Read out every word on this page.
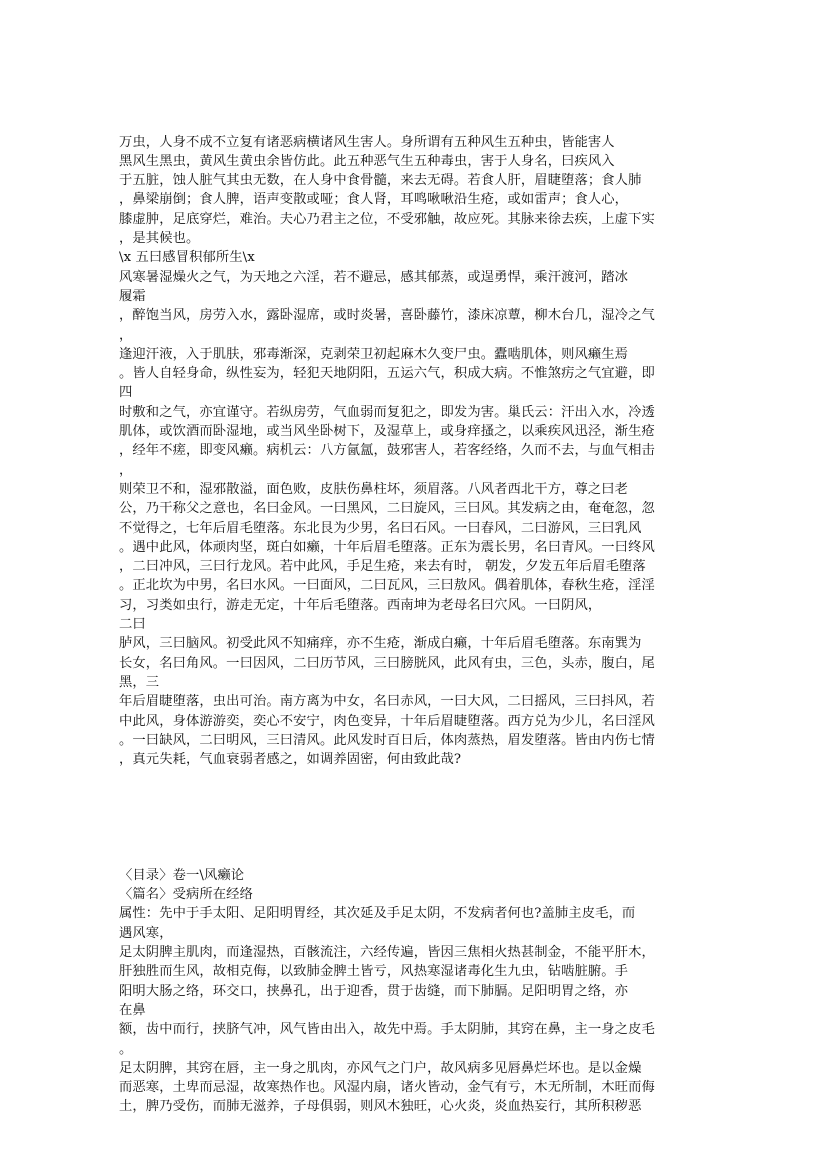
万虫，人身不成不立复有诸恶病横诸风生害人。身所谓有五种风生五种虫，皆能害人
黑风生黑虫，黄风生黄虫余皆仿此。此五种恶气生五种毒虫，害于人身名，曰疾风入
于五脏，蚀人脏气其虫无数，在人身中食骨髓，来去无碍。若食人肝，眉睫堕落；食人肺
，鼻梁崩倒；食人脾，语声变散或哑；食人肾，耳鸣啾啾沿生疮，或如雷声；食人心，
膝虚肿，足底穿烂，难治。夫心乃君主之位，不受邪触，故应死。其脉来徐去疾，上虚下实
，是其候也。
\x 五曰感冒积郁所生\x
风寒暑湿燥火之气，为天地之六淫，若不避忌，感其郁蒸，或逞勇悍，乘汗渡河，踏冰
履霜
，醉饱当风，房劳入水，露卧湿席，或时炎暑，喜卧藤竹，漆床凉蕈，柳木台几，湿冷之气
，
逢迎汗液，入于肌肤，邪毒渐深，克剥荣卫初起麻木久变尸虫。蠹啮肌体，则风癞生焉
。皆人自轻身命，纵性妄为，轻犯天地阴阳，五运六气，积成大病。不惟煞疠之气宜避，即
四
时敷和之气，亦宜谨守。若纵房劳，气血弱而复犯之，即发为害。巢氏云：汗出入水，冷透
肌体，或饮酒而卧湿地，或当风坐卧树下，及湿草上，或身痒搔之，以乘疾风迅泾，渐生疮
，经年不瘥，即变风癞。病机云：八方氤氲，鼓邪害人，若客经络，久而不去，与血气相击
，
则荣卫不和，湿邪散溢，面色败，皮肤伤鼻柱坏，须眉落。八风者西北干方，尊之曰老
公，乃干称父之意也，名曰金风。一曰黑风，二曰旋风，三曰风。其发病之由，奄奄忽，忽
不觉得之，七年后眉毛堕落。东北艮为少男，名曰石风。一曰春风，二曰游风，三曰乳风
。遇中此风，体顽肉坚，斑白如癞，十年后眉毛堕落。正东为震长男，名曰青风。一曰终风
，二曰冲风，三曰行龙风。若中此风，手足生疮，来去有时， 朝发，夕发五年后眉毛堕落
。正北坎为中男，名曰水风。一曰面风，二曰瓦风，三曰敖风。偶着肌体，春秋生疮，淫淫
习，习类如虫行，游走无定，十年后毛堕落。西南坤为老母名曰穴风。一曰阴风，
二曰
胪风，三曰脑风。初受此风不知痛痒，亦不生疮，渐成白癞，十年后眉毛堕落。东南巽为
长女，名曰角风。一曰因风，二曰历节风，三曰膀胱风，此风有虫，三色，头赤，腹白，尾
黑，三
年后眉睫堕落，虫出可治。南方离为中女，名曰赤风，一曰大风，二曰摇风，三曰抖风，若
中此风，身体游游奕，奕心不安宁，肉色变异，十年后眉睫堕落。西方兑为少儿，名曰淫风
。一曰缺风，二曰明风，三曰清风。此风发时百日后，体肉蒸热，眉发堕落。皆由内伤七情
，真元失耗，气血衰弱者感之，如调养固密，何由致此哉?

〈目录〉卷一\风癞论
〈篇名〉受病所在经络
属性：先中于手太阳、足阳明胃经，其次延及手足太阴，不发病者何也?盖肺主皮毛，而
遇风寒，
足太阴脾主肌肉，而逢湿热，百骸流注，六经传遍，皆因三焦相火热甚制金，不能平肝木，
肝独胜而生风，故相克侮，以致肺金脾土皆亏，风热寒湿诸毒化生九虫，钻啮脏腑。手
阳明大肠之络，环交口，挟鼻孔，出于迎香，贯于齿缝，而下肺膈。足阳明胃之络，亦
在鼻
额，齿中而行，挟脐气冲，风气皆由出入，故先中焉。手太阴肺，其窍在鼻，主一身之皮毛
。
足太阴脾，其窍在唇，主一身之肌肉，亦风气之门户，故风病多见唇鼻烂坏也。是以金燥
而恶寒，土卑而忌湿，故寒热作也。风湿内扇，诸火皆动，金气有亏，木无所制，木旺而侮
土，脾乃受伤，而肺无滋养，子母俱弱，则风木独旺，心火炎，炎血热妄行，其所积秽恶
